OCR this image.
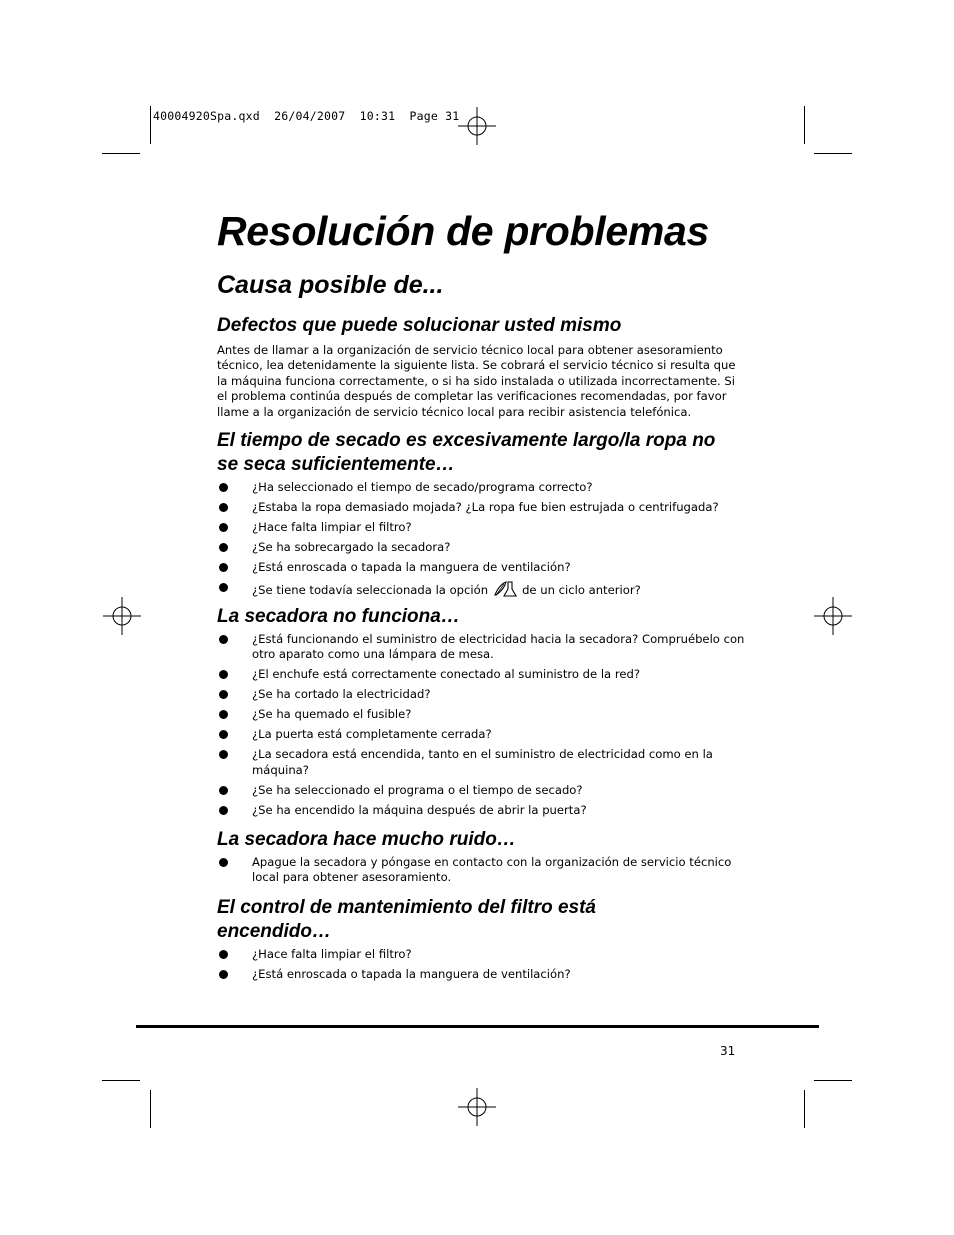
40004920Spa.qxd  26/04/2007  10:31  Page 31
Resolución de problemas
Causa posible de...
Defectos que puede solucionar usted mismo

Antes de llamar a la organización de servicio técnico local para obtener asesoramiento técnico, lea detenidamente la siguiente lista. Se cobrará el servicio técnico si resulta que la máquina funciona correctamente, o si ha sido instalada o utilizada incorrectamente. Si el problema continúa después de completar las verificaciones recomendadas, por favor llame a la organización de servicio técnico local para recibir asistencia telefónica.

El tiempo de secado es excesivamente largo/la ropa no se seca suficientemente…
¿Ha seleccionado el tiempo de secado/programa correcto?
¿Estaba la ropa demasiado mojada? ¿La ropa fue bien estrujada o centrifugada?
¿Hace falta limpiar el filtro?
¿Se ha sobrecargado la secadora?
¿Está enroscada o tapada la manguera de ventilación?
¿Se tiene todavía seleccionada la opción	de un ciclo anterior?
La secadora no funciona…
¿Está funcionando el suministro de electricidad hacia la secadora? Compruébelo con otro aparato como una lámpara de mesa.
¿El enchufe está correctamente conectado al suministro de la red?
¿Se ha cortado la electricidad?
¿Se ha quemado el fusible?
¿La puerta está completamente cerrada?
¿La secadora está encendida, tanto en el suministro de electricidad como en la máquina?
¿Se ha seleccionado el programa o el tiempo de secado?
¿Se ha encendido la máquina después de abrir la puerta?
La secadora hace mucho ruido…
Apague la secadora y póngase en contacto con la organización de servicio técnico local para obtener asesoramiento.
El control de mantenimiento del filtro está encendido…
¿Hace falta limpiar el filtro?
¿Está enroscada o tapada la manguera de ventilación?
31
